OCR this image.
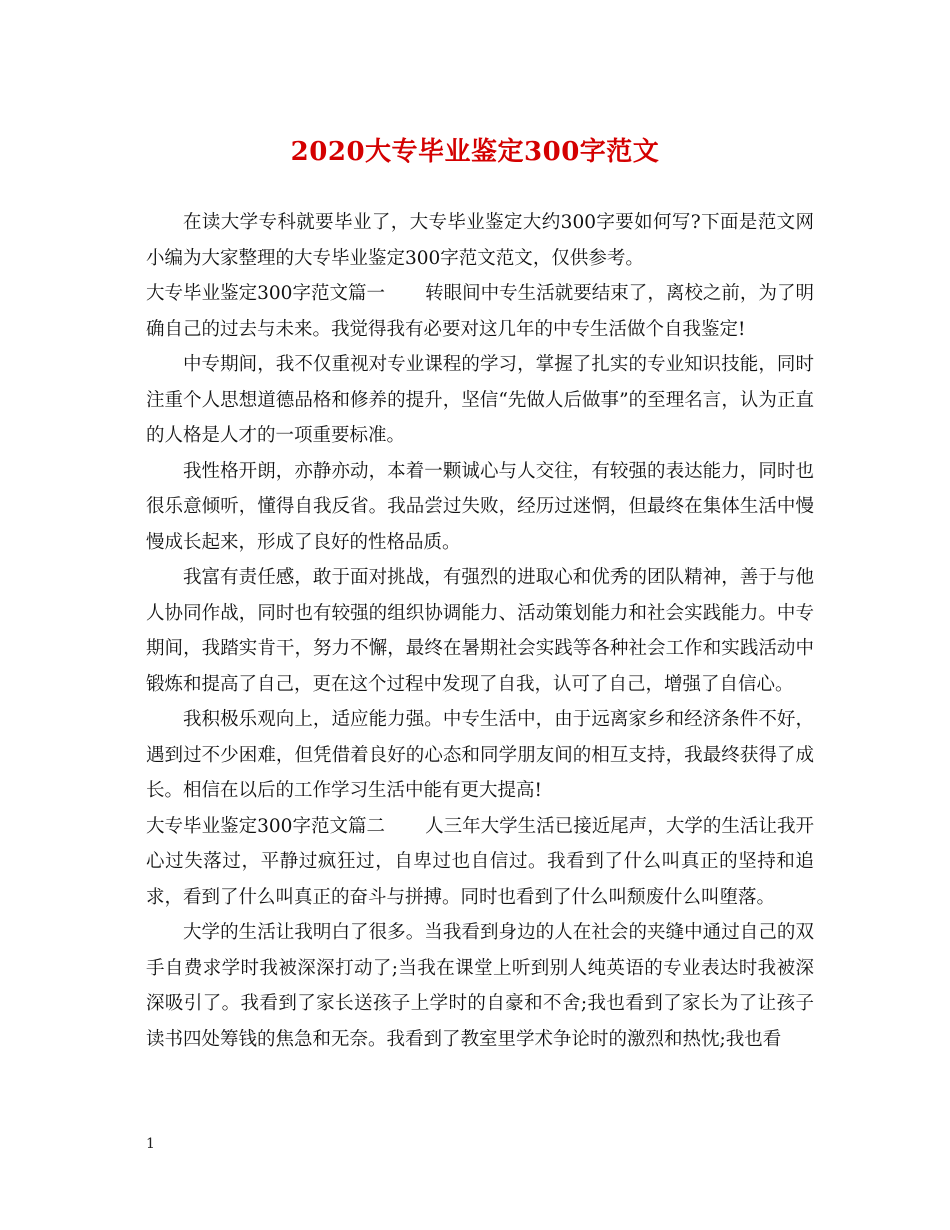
2020大专毕业鉴定300字范文

在读大学专科就要毕业了，大专毕业鉴定大约300字要如何写?下面是范文网小编为大家整理的大专毕业鉴定300字范文范文，仅供参考。

大专毕业鉴定300字范文篇一 转眼间中专生活就要结束了，离校之前，为了明确自己的过去与未来。我觉得我有必要对这几年的中专生活做个自我鉴定!

中专期间，我不仅重视对专业课程的学习，掌握了扎实的专业知识技能，同时注重个人思想道德品格和修养的提升，坚信“先做人后做事”的至理名言，认为正直的人格是人才的一项重要标准。

我性格开朗，亦静亦动，本着一颗诚心与人交往，有较强的表达能力，同时也很乐意倾听，懂得自我反省。我品尝过失败，经历过迷惘，但最终在集体生活中慢慢成长起来，形成了良好的性格品质。

我富有责任感，敢于面对挑战，有强烈的进取心和优秀的团队精神，善于与他人协同作战，同时也有较强的组织协调能力、活动策划能力和社会实践能力。中专期间，我踏实肯干，努力不懈，最终在暑期社会实践等各种社会工作和实践活动中锻炼和提高了自己，更在这个过程中发现了自我，认可了自己，增强了自信心。

我积极乐观向上，适应能力强。中专生活中，由于远离家乡和经济条件不好，遇到过不少困难，但凭借着良好的心态和同学朋友间的相互支持，我最终获得了成长。相信在以后的工作学习生活中能有更大提高!

大专毕业鉴定300字范文篇二 人三年大学生活已接近尾声，大学的生活让我开心过失落过，平静过疯狂过，自卑过也自信过。我看到了什么叫真正的坚持和追求，看到了什么叫真正的奋斗与拼搏。同时也看到了什么叫颓废什么叫堕落。

大学的生活让我明白了很多。当我看到身边的人在社会的夹缝中通过自己的双手自费求学时我被深深打动了;当我在课堂上听到别人纯英语的专业表达时我被深深吸引了。我看到了家长送孩子上学时的自豪和不舍;我也看到了家长为了让孩子读书四处筹钱的焦急和无奈。我看到了教室里学术争论时的激烈和热忱;我也看

1
